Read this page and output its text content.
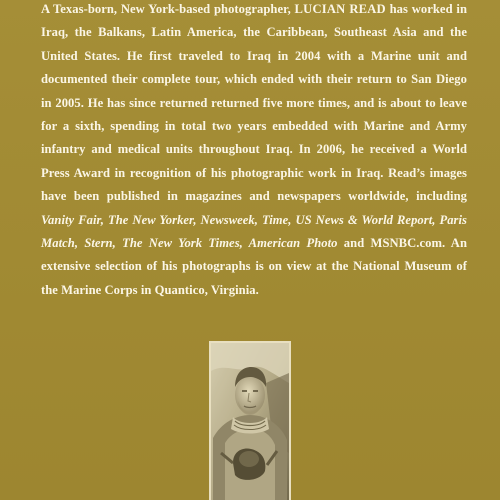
A Texas-born, New York-based photographer, LUCIAN READ has worked in Iraq, the Balkans, Latin America, the Caribbean, Southeast Asia and the United States. He first traveled to Iraq in 2004 with a Marine unit and documented their complete tour, which ended with their return to San Diego in 2005. He has since returned returned five more times, and is about to leave for a sixth, spending in total two years embedded with Marine and Army infantry and medical units throughout Iraq. In 2006, he received a World Press Award in recognition of his photographic work in Iraq. Read’s images have been published in magazines and newspapers worldwide, including Vanity Fair, The New Yorker, Newsweek, Time, US News & World Report, Paris Match, Stern, The New York Times, American Photo and MSNBC.com. An extensive selection of his photographs is on view at the National Museum of the Marine Corps in Quantico, Virginia.
